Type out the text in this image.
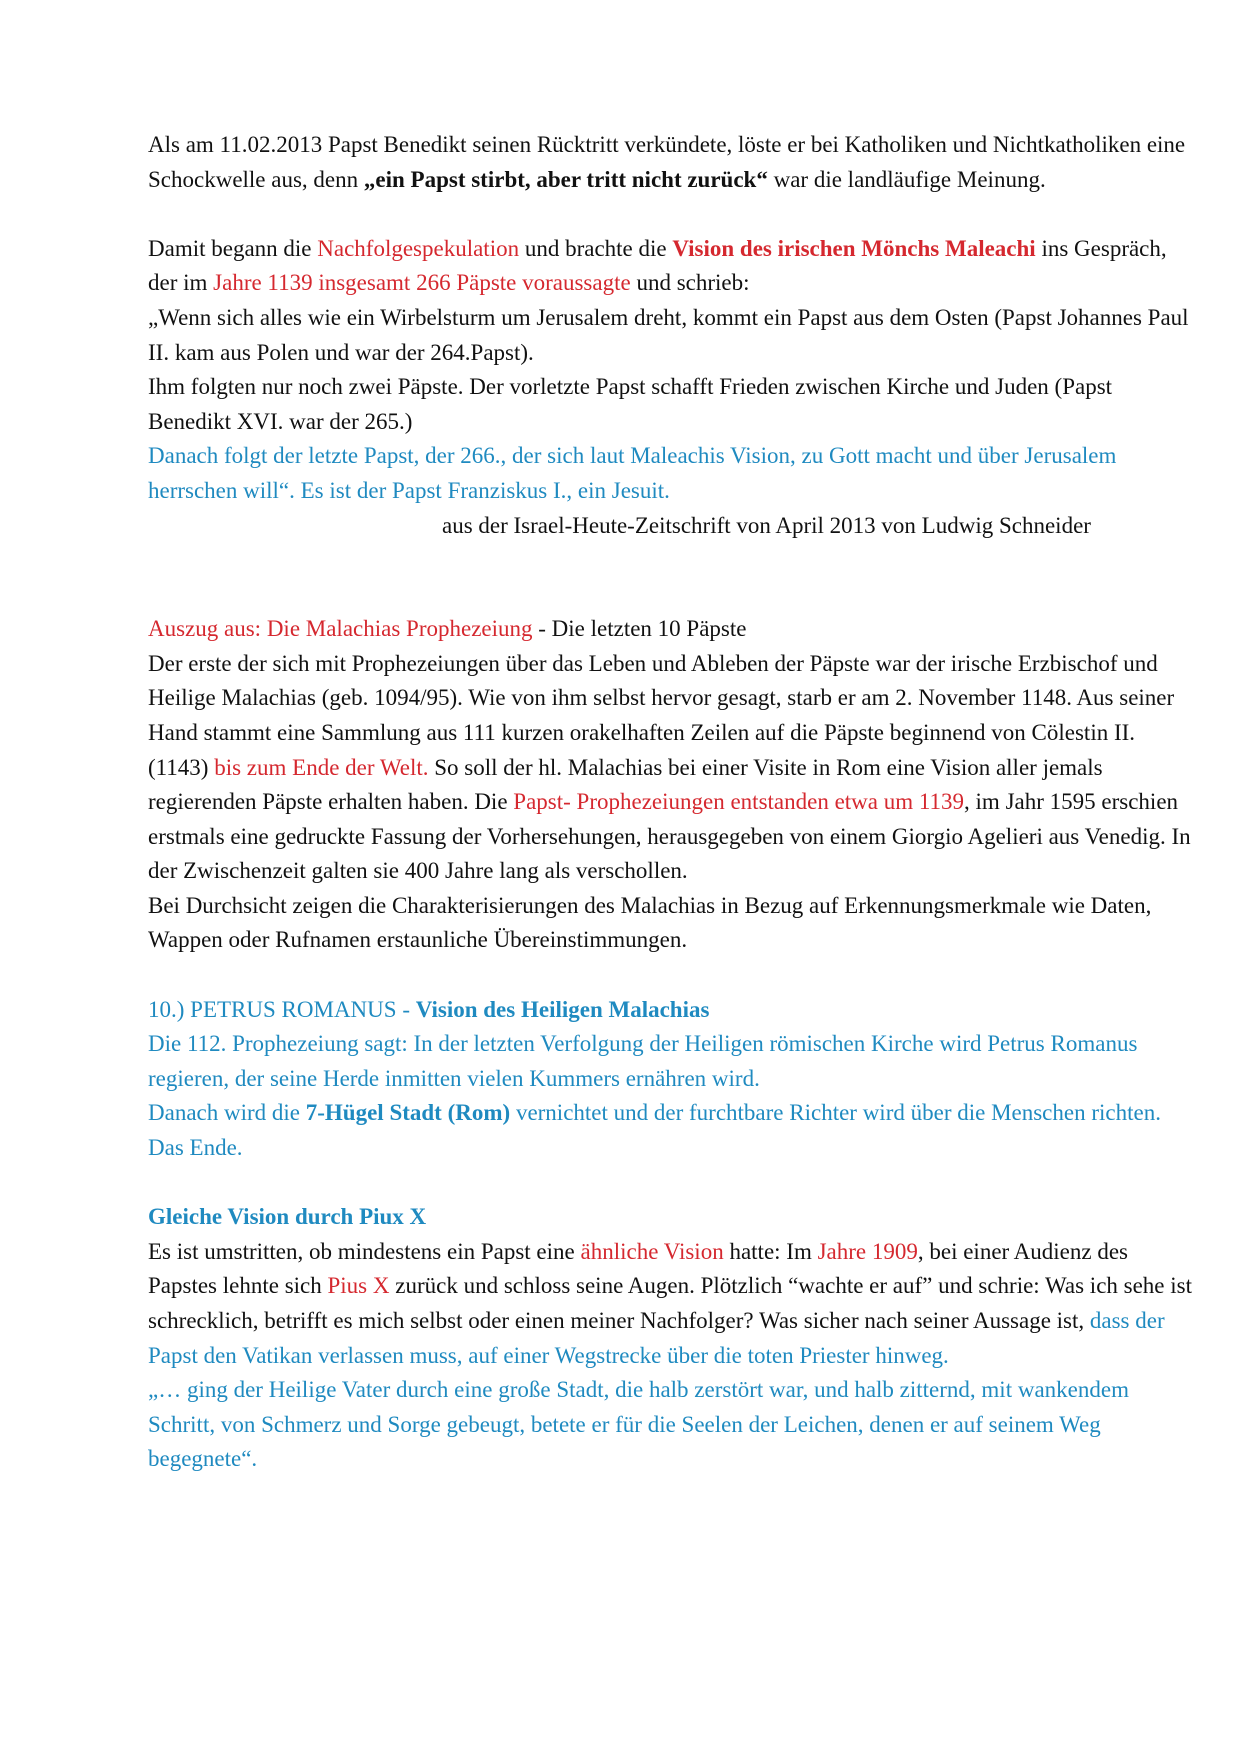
Als am 11.02.2013 Papst Benedikt seinen Rücktritt verkündete, löste er bei Katholiken und Nichtkatholiken eine Schockwelle aus, denn „ein Papst stirbt, aber tritt nicht zurück“ war die landläufige Meinung.

Damit begann die Nachfolgespekulation und brachte die Vision des irischen Mönchs Maleachi ins Gespräch, der im Jahre 1139 insgesamt 266 Päpste voraussagte und schrieb:

„Wenn sich alles wie ein Wirbelsturm um Jerusalem dreht, kommt ein Papst aus dem Osten (Papst Johannes Paul II. kam aus Polen und war der 264.Papst).

Ihm folgten nur noch zwei Päpste. Der vorletzte Papst schafft Frieden zwischen Kirche und Juden (Papst Benedikt XVI. war der 265.)

Danach folgt der letzte Papst, der 266., der sich laut Maleachis Vision, zu Gott macht und über Jerusalem herrschen will“. Es ist der Papst Franziskus I., ein Jesuit.

aus der Israel-Heute-Zeitschrift von April 2013 von Ludwig Schneider

Auszug aus: Die Malachias Prophezeiung - Die letzten 10 Päpste

Der erste der sich mit Prophezeiungen über das Leben und Ableben der Päpste war der irische Erzbischof und Heilige Malachias (geb. 1094/95). Wie von ihm selbst hervor gesagt, starb er am 2. November 1148. Aus seiner Hand stammt eine Sammlung aus 111 kurzen orakelhaften Zeilen auf die Päpste beginnend von Cölestin II. (1143) bis zum Ende der Welt. So soll der hl. Malachias bei einer Visite in Rom eine Vision aller jemals regierenden Päpste erhalten haben. Die Papst- Prophezeiungen entstanden etwa um 1139, im Jahr 1595 erschien erstmals eine gedruckte Fassung der Vorhersehungen, herausgegeben von einem Giorgio Agelieri aus Venedig. In der Zwischenzeit galten sie 400 Jahre lang als verschollen.

Bei Durchsicht zeigen die Charakterisierungen des Malachias in Bezug auf Erkennungsmerkmale wie Daten, Wappen oder Rufnamen erstaunliche Übereinstimmungen.

10.) PETRUS ROMANUS - Vision des Heiligen Malachias

Die 112. Prophezeiung sagt: In der letzten Verfolgung der Heiligen römischen Kirche wird Petrus Romanus regieren, der seine Herde inmitten vielen Kummers ernähren wird.

Danach wird die 7-Hügel Stadt (Rom) vernichtet und der furchtbare Richter wird über die Menschen richten. Das Ende.

Gleiche Vision durch Piux X

Es ist umstritten, ob mindestens ein Papst eine ähnliche Vision hatte: Im Jahre 1909, bei einer Audienz des Papstes lehnte sich Pius X zurück und schloss seine Augen. Plötzlich “wachte er auf” und schrie: Was ich sehe ist schrecklich, betrifft es mich selbst oder einen meiner Nachfolger? Was sicher nach seiner Aussage ist, dass der Papst den Vatikan verlassen muss, auf einer Wegstrecke über die toten Priester hinweg.

„… ging der Heilige Vater durch eine große Stadt, die halb zerstört war, und halb zitternd, mit wankendem Schritt, von Schmerz und Sorge gebeugt, betete er für die Seelen der Leichen, denen er auf seinem Weg begegnete“.
